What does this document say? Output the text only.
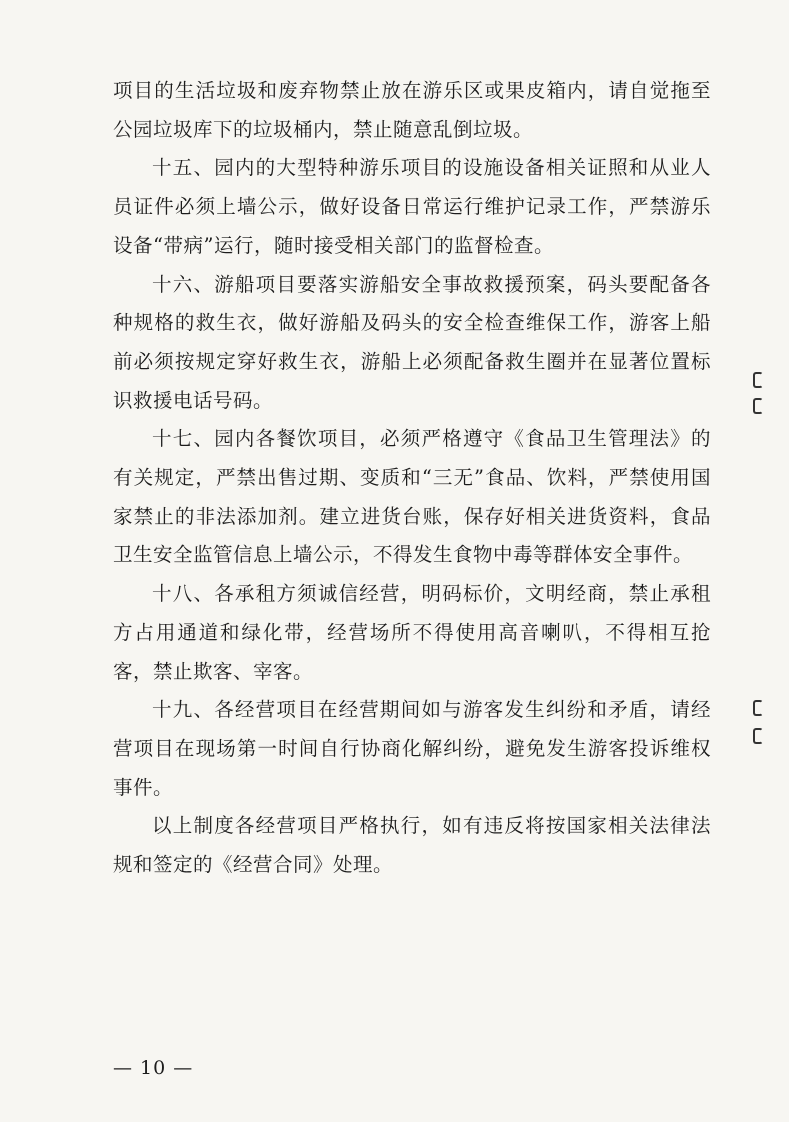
项目的生活垃圾和废弃物禁止放在游乐区或果皮箱内，请自觉拖至公园垃圾库下的垃圾桶内，禁止随意乱倒垃圾。

十五、园内的大型特种游乐项目的设施设备相关证照和从业人员证件必须上墙公示，做好设备日常运行维护记录工作，严禁游乐设备“带病”运行，随时接受相关部门的监督检查。

十六、游船项目要落实游船安全事故救援预案，码头要配备各种规格的救生衣，做好游船及码头的安全检查维保工作，游客上船前必须按规定穿好救生衣，游船上必须配备救生圈并在显著位置标识救援电话号码。

十七、园内各餐饮项目，必须严格遵守《食品卫生管理法》的有关规定，严禁出售过期、变质和“三无”食品、饮料，严禁使用国家禁止的非法添加剂。建立进货台账，保存好相关进货资料，食品卫生安全监管信息上墙公示，不得发生食物中毒等群体安全事件。

十八、各承租方须诚信经营，明码标价，文明经商，禁止承租方占用通道和绿化带，经营场所不得使用高音喇叭，不得相互抢客，禁止欺客、宰客。

十九、各经营项目在经营期间如与游客发生纠纷和矛盾，请经营项目在现场第一时间自行协商化解纠纷，避免发生游客投诉维权事件。

以上制度各经营项目严格执行，如有违反将按国家相关法律法规和签定的《经营合同》处理。

— 10 —
